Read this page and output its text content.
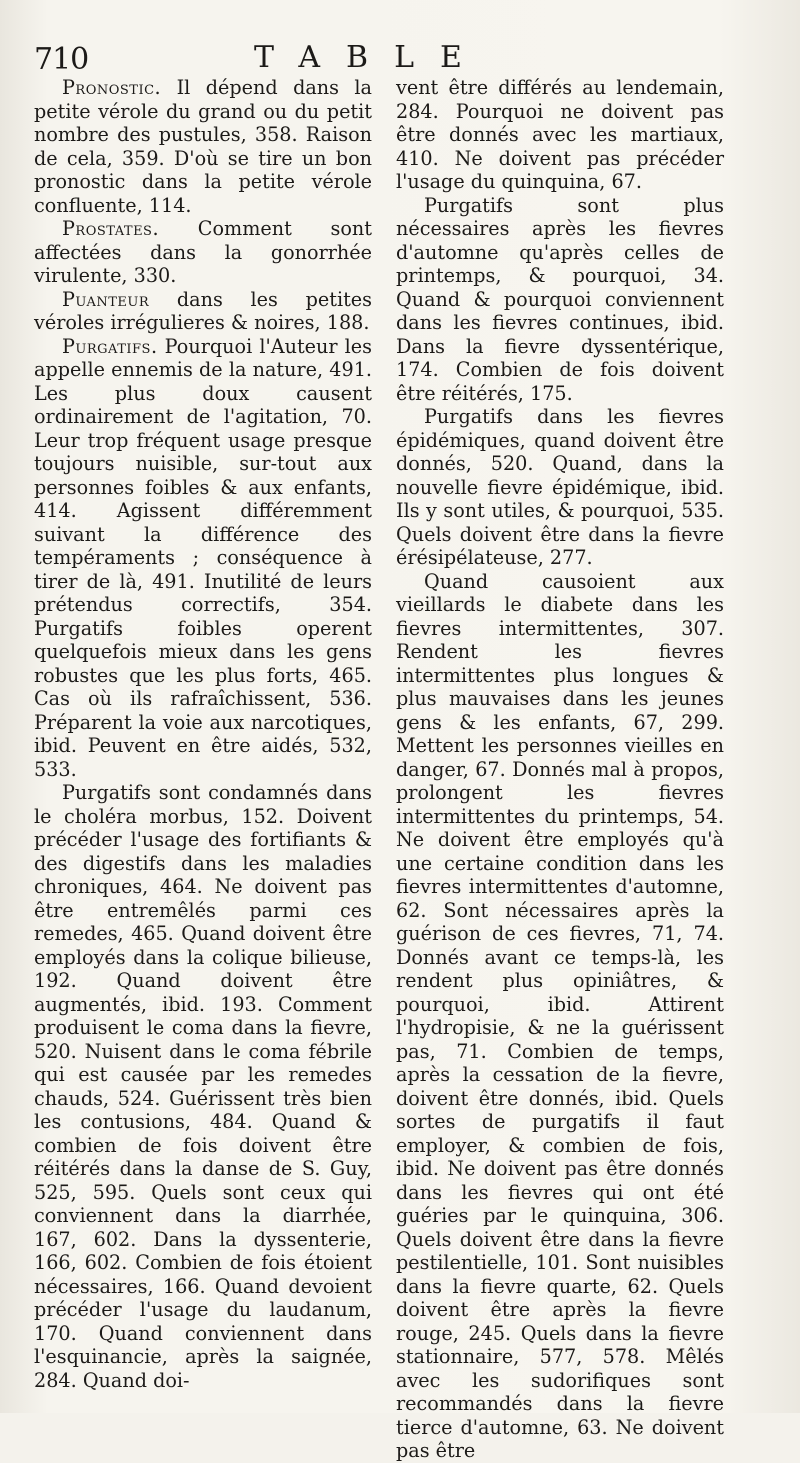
710	TABLE

Pronostic. Il dépend dans la petite vérole du grand ou du petit nombre des pustules, 358. Raison de cela, 359. D'où se tire un bon pronostic dans la petite vérole confluente, 114.

Prostates. Comment sont affectées dans la gonorrhée virulente, 330.

Puanteur dans les petites véroles irrégulieres & noires, 188.

Purgatifs. Pourquoi l'Auteur les appelle ennemis de la nature, 491. Les plus doux causent ordinairement de l'agitation, 70. Leur trop fréquent usage presque toujours nuisible, sur-tout aux personnes foibles & aux enfants, 414. Agissent différemment suivant la différence des tempéraments ; conséquence à tirer de là, 491. Inutilité de leurs prétendus correctifs, 354. Purgatifs foibles operent quelquefois mieux dans les gens robustes que les plus forts, 465. Cas où ils rafraîchissent, 536. Préparent la voie aux narcotiques, ibid. Peuvent en être aidés, 532, 533.

Purgatifs sont condamnés dans le choléra morbus, 152. Doivent précéder l'usage des fortifiants & des digestifs dans les maladies chroniques, 464. Ne doivent pas être entremêlés parmi ces remedes, 465. Quand doivent être employés dans la colique bilieuse, 192. Quand doivent être augmentés, ibid. 193. Comment produisent le coma dans la fievre, 520. Nuisent dans le coma fébrile qui est causée par les remedes chauds, 524. Guérissent très bien les contusions, 484. Quand & combien de fois doivent être réitérés dans la danse de S. Guy, 525, 595. Quels sont ceux qui conviennent dans la diarrhée, 167, 602. Dans la dyssenterie, 166, 602. Combien de fois étoient nécessaires, 166. Quand devoient précéder l'usage du laudanum, 170. Quand conviennent dans l'esquinancie, après la saignée, 284. Quand doi-

vent être différés au lendemain, 284. Pourquoi ne doivent pas être donnés avec les martiaux, 410. Ne doivent pas précéder l'usage du quinquina, 67.

Purgatifs sont plus nécessaires après les fievres d'automne qu'après celles de printemps, & pourquoi, 34. Quand & pourquoi conviennent dans les fievres continues, ibid. Dans la fievre dyssentérique, 174. Combien de fois doivent être réitérés, 175.

Purgatifs dans les fievres épidémiques, quand doivent être donnés, 520. Quand, dans la nouvelle fievre épidémique, ibid. Ils y sont utiles, & pourquoi, 535. Quels doivent être dans la fievre érésipélateuse, 277.

Quand causoient aux vieillards le diabete dans les fievres intermittentes, 307. Rendent les fievres intermittentes plus longues & plus mauvaises dans les jeunes gens & les enfants, 67, 299. Mettent les personnes vieilles en danger, 67. Donnés mal à propos, prolongent les fievres intermittentes du printemps, 54. Ne doivent être employés qu'à une certaine condition dans les fievres intermittentes d'automne, 62. Sont nécessaires après la guérison de ces fievres, 71, 74. Donnés avant ce temps-là, les rendent plus opiniâtres, & pourquoi, ibid. Attirent l'hydropisie, & ne la guérissent pas, 71. Combien de temps, après la cessation de la fievre, doivent être donnés, ibid. Quels sortes de purgatifs il faut employer, & combien de fois, ibid. Ne doivent pas être donnés dans les fievres qui ont été guéries par le quinquina, 306. Quels doivent être dans la fievre pestilentielle, 101. Sont nuisibles dans la fievre quarte, 62. Quels doivent être après la fievre rouge, 245. Quels dans la fievre stationnaire, 577, 578. Mêlés avec les sudorifiques sont recommandés dans la fievre tierce d'automne, 63. Ne doivent pas être
